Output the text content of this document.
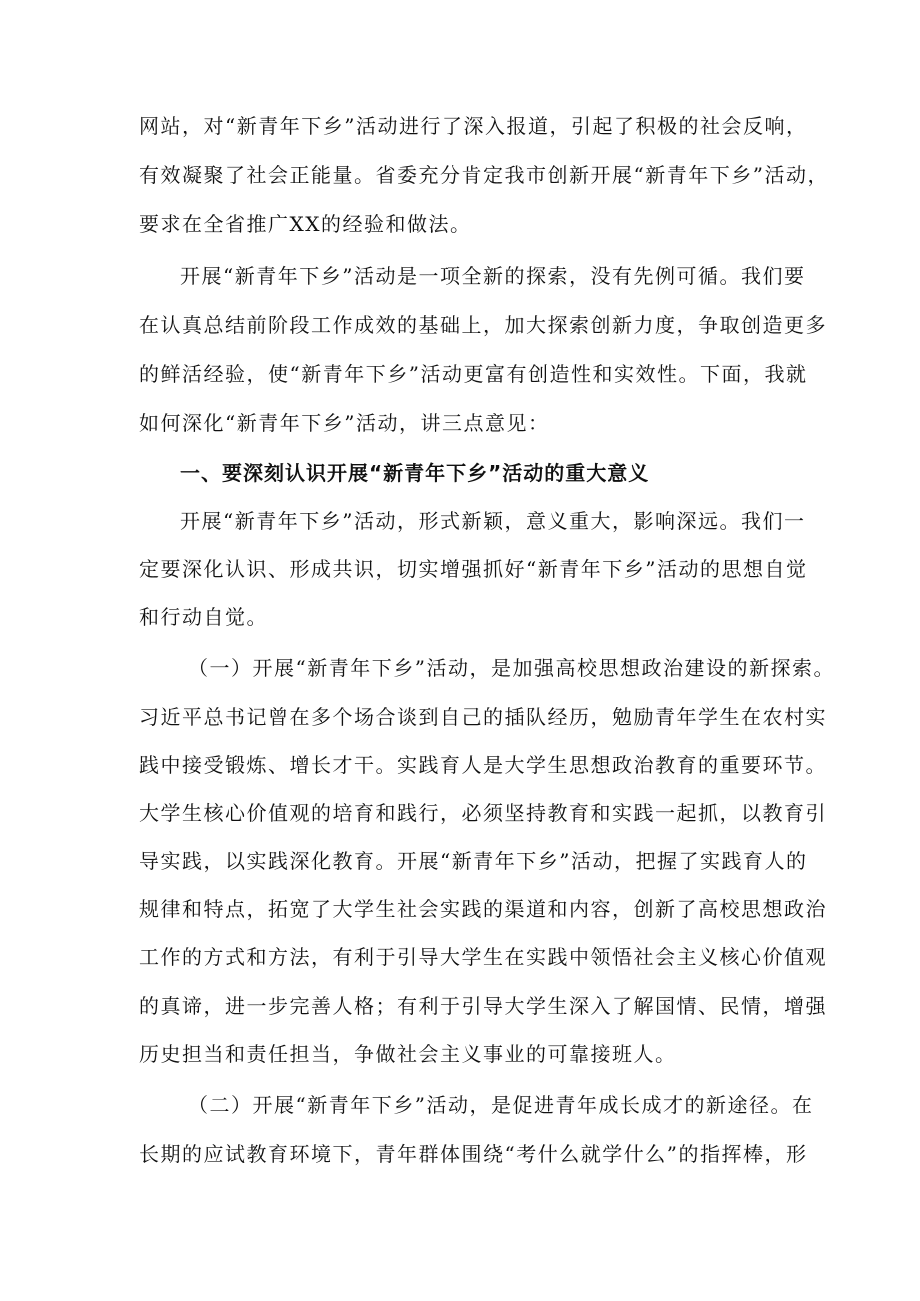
网站，对“新青年下乡”活动进行了深入报道，引起了积极的社会反响，
有效凝聚了社会正能量。省委充分肯定我市创新开展“新青年下乡”活动，
要求在全省推广XX的经验和做法。
开展“新青年下乡”活动是一项全新的探索，没有先例可循。我们要
在认真总结前阶段工作成效的基础上，加大探索创新力度，争取创造更多
的鲜活经验，使“新青年下乡”活动更富有创造性和实效性。下面，我就
如何深化“新青年下乡”活动，讲三点意见：
一、要深刻认识开展“新青年下乡”活动的重大意义
开展“新青年下乡”活动，形式新颖，意义重大，影响深远。我们一
定要深化认识、形成共识，切实增强抓好“新青年下乡”活动的思想自觉
和行动自觉。
（一）开展“新青年下乡”活动，是加强高校思想政治建设的新探索。
习近平总书记曾在多个场合谈到自己的插队经历，勉励青年学生在农村实
践中接受锻炼、增长才干。实践育人是大学生思想政治教育的重要环节。
大学生核心价值观的培育和践行，必须坚持教育和实践一起抓，以教育引
导实践，以实践深化教育。开展“新青年下乡”活动，把握了实践育人的
规律和特点，拓宽了大学生社会实践的渠道和内容，创新了高校思想政治
工作的方式和方法，有利于引导大学生在实践中领悟社会主义核心价值观
的真谛，进一步完善人格；有利于引导大学生深入了解国情、民情，增强
历史担当和责任担当，争做社会主义事业的可靠接班人。
（二）开展“新青年下乡”活动，是促进青年成长成才的新途径。在
长期的应试教育环境下，青年群体围绕“考什么就学什么”的指挥棒，形
